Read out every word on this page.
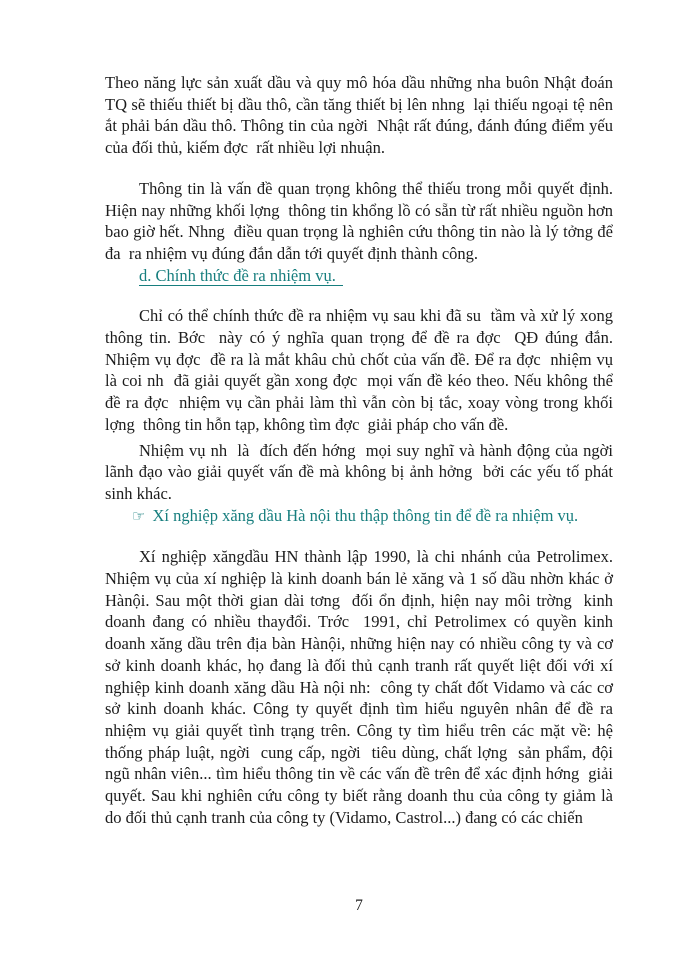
Theo năng lực sản xuất dầu và quy mô hóa dầu những nha buôn Nhật đoán TQ sẽ thiếu thiết bị dầu thô, cần tăng thiết bị lên nhng  lại thiếu ngoại tệ nên ắt phải bán dầu thô. Thông tin của ngời  Nhật rất đúng, đánh đúng điểm yếu của đối thủ, kiếm đợc  rất nhiều lợi nhuận.

Thông tin là vấn đề quan trọng không thể thiếu trong mỗi quyết định. Hiện nay những khối lợng  thông tin khổng lồ có sẵn từ rất nhiều nguồn hơn bao giờ hết. Nhng  điều quan trọng là nghiên cứu thông tin nào là lý tởng để đa  ra nhiệm vụ đúng đắn dẫn tới quyết định thành công.

d. Chính thức đề ra nhiệm vụ.

Chỉ có thể chính thức đề ra nhiệm vụ sau khi đã su  tầm và xử lý xong thông tin. Bớc  này có ý nghĩa quan trọng để đề ra đợc  QĐ đúng đắn. Nhiệm vụ đợc  đề ra là mắt khâu chủ chốt của vấn đề. Để ra đợc  nhiệm vụ là coi nh  đã giải quyết gần xong đợc  mọi vấn đề kéo theo. Nếu không thể đề ra đợc  nhiệm vụ cần phải làm thì vẫn còn bị tắc, xoay vòng trong khối lợng  thông tin hỗn tạp, không tìm đợc  giải pháp cho vấn đề.

Nhiệm vụ nh  là  đích đến hớng  mọi suy nghĩ và hành động của ngời lãnh đạo vào giải quyết vấn đề mà không bị ảnh hởng  bởi các yếu tố phát sinh khác.

☞ Xí nghiệp xăng dầu Hà nội thu thập thông tin để đề ra nhiệm vụ.

Xí nghiệp xăngdầu HN thành lập 1990, là chi nhánh của Petrolimex. Nhiệm vụ của xí nghiệp là kinh doanh bán lẻ xăng và 1 số dầu nhờn khác ở Hànội. Sau một thời gian dài tơng  đối ổn định, hiện nay môi trờng  kinh doanh đang có nhiều thayđổi. Trớc  1991, chỉ Petrolimex có quyền kinh doanh xăng dầu trên địa bàn Hànội, những hiện nay có nhiều công ty và cơ sở kinh doanh khác, họ đang là đối thủ cạnh tranh rất quyết liệt đối với xí nghiệp kinh doanh xăng dầu Hà nội nh:  công ty chất đốt Vidamo và các cơ sở kinh doanh khác. Công ty quyết định tìm hiểu nguyên nhân để đề ra nhiệm vụ giải quyết tình trạng trên. Công ty tìm hiểu trên các mặt về: hệ thống pháp luật, ngời  cung cấp, ngời  tiêu dùng, chất lợng  sản phẩm, đội ngũ nhân viên... tìm hiểu thông tin về các vấn đề trên để xác định hớng  giải quyết. Sau khi nghiên cứu công ty biết rằng doanh thu của công ty giảm là do đối thủ cạnh tranh của công ty (Vidamo, Castrol...) đang có các chiến

7
